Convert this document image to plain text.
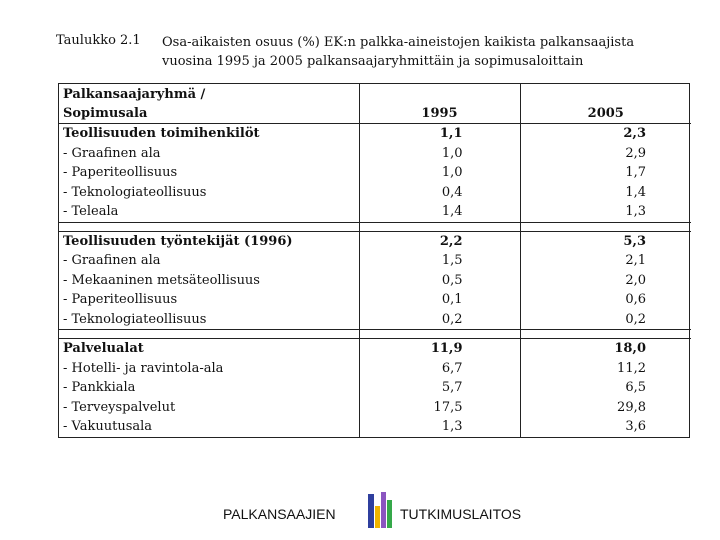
Taulukko 2.1 Osa-aikaisten osuus (%) EK:n palkka-aineistojen kaikista palkansaajista
vuosina 1995 ja 2005 palkansaajaryhmittäin ja sopimusaloittain
Palkansaajaryhmä /
Sopimusala	1995	2005
Teollisuuden toimihenkilöt	1,1	2,3
- Graafinen ala	1,0	2,9
- Paperiteollisuus	1,0	1,7
- Teknologiateollisuus	0,4	1,4
- Teleala	1,4	1,3

Teollisuuden työntekijät (1996)	2,2	5,3
- Graafinen ala	1,5	2,1
- Mekaaninen metsäteollisuus	0,5	2,0
- Paperiteollisuus	0,1	0,6
- Teknologiateollisuus	0,2	0,2

Palvelualat	11,9	18,0
- Hotelli- ja ravintola-ala	6,7	11,2
- Pankkiala	5,7	6,5
- Terveyspalvelut	17,5	29,8
- Vakuutusala	1,3	3,6
PALKANSAAJIEN	TUTKIMUSLAITOS
